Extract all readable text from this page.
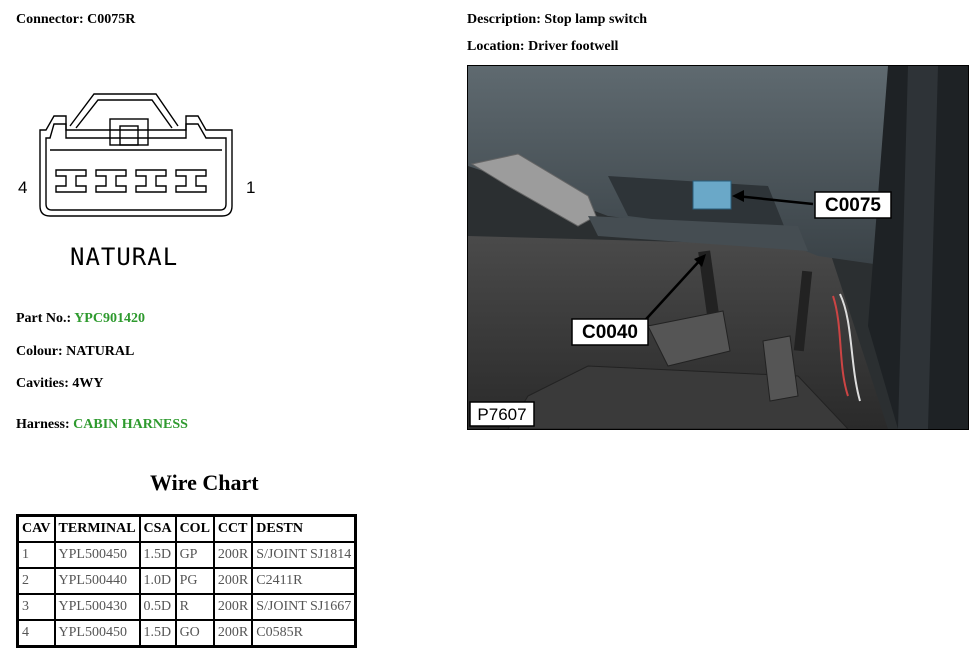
Connector: C0075R	Description: Stop lamp switch
Location: Driver footwell
4	1
NATURAL
Part No.: YPC901420
Colour: NATURAL
Cavities: 4WY
Harness: CABIN HARNESS
Wire Chart
CAV	TERMINAL	CSA	COL	CCT	DESTN
1	YPL500450	1.5D	GP	200R	S/JOINT SJ1814
2	YPL500440	1.0D	PG	200R	C2411R
3	YPL500430	0.5D	R	200R	S/JOINT SJ1667
4	YPL500450	1.5D	GO	200R	C0585R
C0075
C0040
P7607
